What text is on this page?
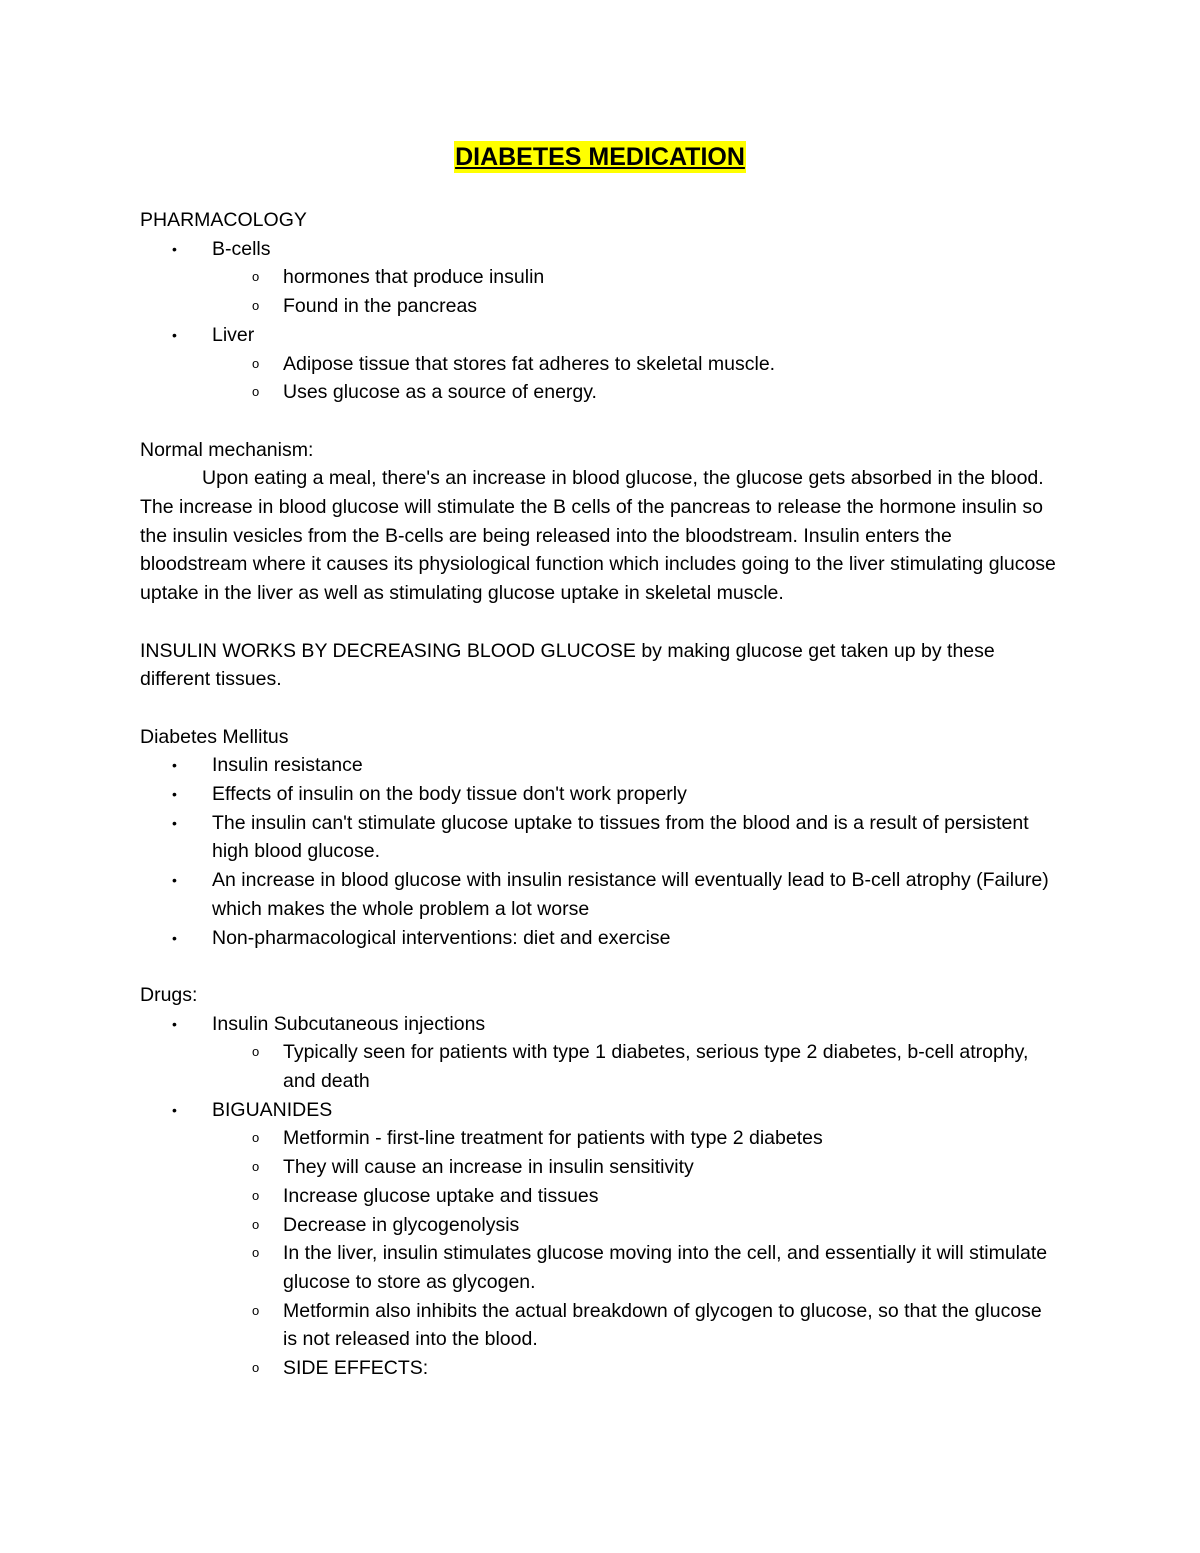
DIABETES MEDICATION
PHARMACOLOGY
• B-cells
o hormones that produce insulin
o Found in the pancreas
• Liver
o Adipose tissue that stores fat adheres to skeletal muscle.
o Uses glucose as a source of energy.
Normal mechanism:

Upon eating a meal, there's an increase in blood glucose, the glucose gets absorbed in the blood. The increase in blood glucose will stimulate the B cells of the pancreas to release the hormone insulin so the insulin vesicles from the B-cells are being released into the bloodstream. Insulin enters the bloodstream where it causes its physiological function which includes going to the liver stimulating glucose uptake in the liver as well as stimulating glucose uptake in skeletal muscle.

INSULIN WORKS BY DECREASING BLOOD GLUCOSE by making glucose get taken up by these different tissues.

Diabetes Mellitus
• Insulin resistance
• Effects of insulin on the body tissue don't work properly
• The insulin can't stimulate glucose uptake to tissues from the blood and is a result of persistent high blood glucose.
• An increase in blood glucose with insulin resistance will eventually lead to B-cell atrophy (Failure) which makes the whole problem a lot worse
• Non-pharmacological interventions: diet and exercise
Drugs:
• Insulin Subcutaneous injections
o Typically seen for patients with type 1 diabetes, serious type 2 diabetes, b-cell atrophy, and death
• BIGUANIDES
o Metformin - first-line treatment for patients with type 2 diabetes
o They will cause an increase in insulin sensitivity
o Increase glucose uptake and tissues
o Decrease in glycogenolysis
o In the liver, insulin stimulates glucose moving into the cell, and essentially it will stimulate glucose to store as glycogen.
o Metformin also inhibits the actual breakdown of glycogen to glucose, so that the glucose is not released into the blood.
o SIDE EFFECTS:
